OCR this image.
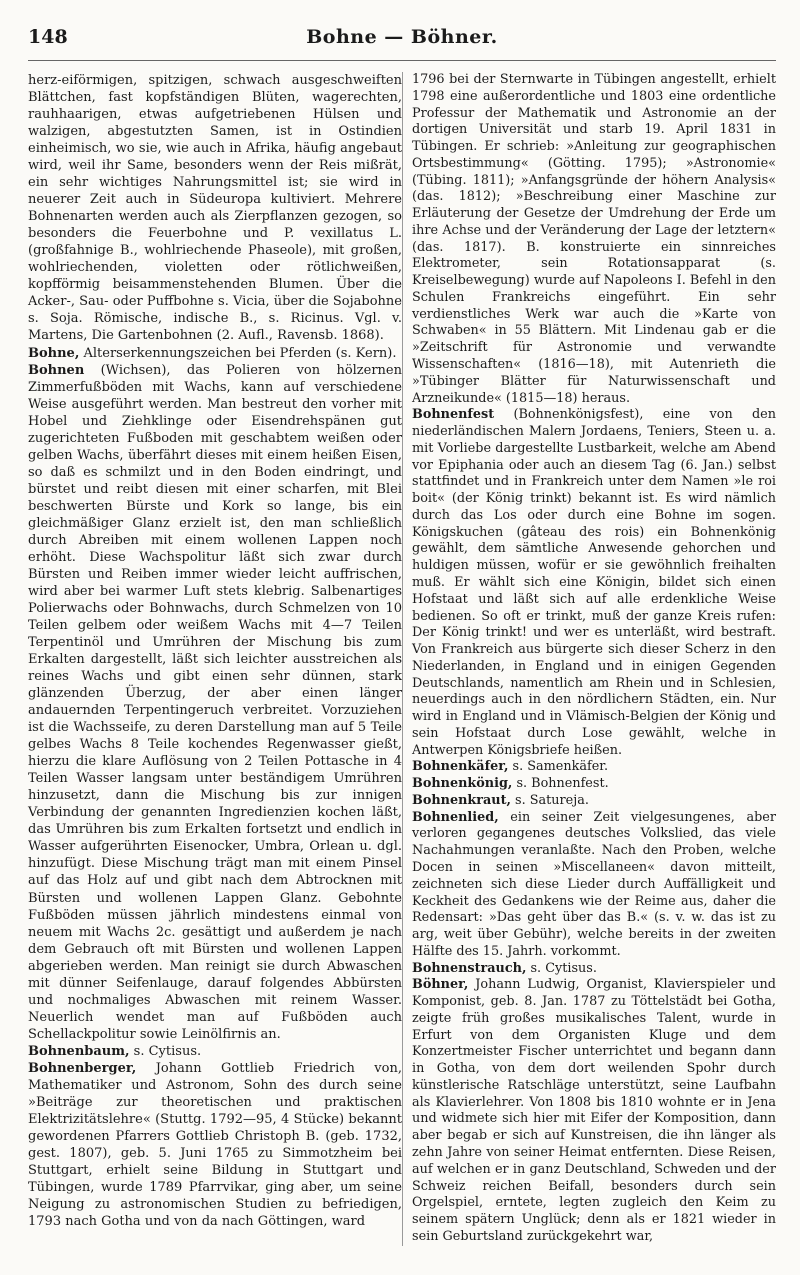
148	Bohne — Böhner.

herz-eiförmigen, spitzigen, schwach ausgeschweiften Blättchen, fast kopfständigen Blüten, wagerechten, rauhhaarigen, etwas aufgetriebenen Hülsen und walzigen, abgestutzten Samen, ist in Ostindien einheimisch, wo sie, wie auch in Afrika, häufig angebaut wird, weil ihr Same, besonders wenn der Reis mißrät, ein sehr wichtiges Nahrungsmittel ist; sie wird in neuerer Zeit auch in Südeuropa kultiviert. Mehrere Bohnenarten werden auch als Zierpflanzen gezogen, so besonders die Feuerbohne und P. vexillatus L. (großfahnige B., wohlriechende Phaseole), mit großen, wohlriechenden, violetten oder rötlichweißen, kopfförmig beisammenstehenden Blumen. Über die Acker-, Sau- oder Puffbohne s. Vicia, über die Sojabohne s. Soja. Römische, indische B., s. Ricinus. Vgl. v. Martens, Die Gartenbohnen (2. Aufl., Ravensb. 1868).

Bohne, Alterserkennungszeichen bei Pferden (s. Kern).

Bohnen (Wichsen), das Polieren von hölzernen Zimmerfußböden mit Wachs, kann auf verschiedene Weise ausgeführt werden. Man bestreut den vorher mit Hobel und Ziehklinge oder Eisendrehspänen gut zugerichteten Fußboden mit geschabtem weißen oder gelben Wachs, überfährt dieses mit einem heißen Eisen, so daß es schmilzt und in den Boden eindringt, und bürstet und reibt diesen mit einer scharfen, mit Blei beschwerten Bürste und Kork so lange, bis ein gleichmäßiger Glanz erzielt ist, den man schließlich durch Abreiben mit einem wollenen Lappen noch erhöht. Diese Wachspolitur läßt sich zwar durch Bürsten und Reiben immer wieder leicht auffrischen, wird aber bei warmer Luft stets klebrig. Salbenartiges Polierwachs oder Bohnwachs, durch Schmelzen von 10 Teilen gelbem oder weißem Wachs mit 4—7 Teilen Terpentinöl und Umrühren der Mischung bis zum Erkalten dargestellt, läßt sich leichter ausstreichen als reines Wachs und gibt einen sehr dünnen, stark glänzenden Überzug, der aber einen länger andauernden Terpentingeruch verbreitet. Vorzuziehen ist die Wachsseife, zu deren Darstellung man auf 5 Teile gelbes Wachs 8 Teile kochendes Regenwasser gießt, hierzu die klare Auflösung von 2 Teilen Pottasche in 4 Teilen Wasser langsam unter beständigem Umrühren hinzusetzt, dann die Mischung bis zur innigen Verbindung der genannten Ingredienzien kochen läßt, das Umrühren bis zum Erkalten fortsetzt und endlich in Wasser aufgerührten Eisenocker, Umbra, Orlean u. dgl. hinzufügt. Diese Mischung trägt man mit einem Pinsel auf das Holz auf und gibt nach dem Abtrocknen mit Bürsten und wollenen Lappen Glanz. Gebohnte Fußböden müssen jährlich mindestens einmal von neuem mit Wachs 2c. gesättigt und außerdem je nach dem Gebrauch oft mit Bürsten und wollenen Lappen abgerieben werden. Man reinigt sie durch Abwaschen mit dünner Seifenlauge, darauf folgendes Abbürsten und nochmaliges Abwaschen mit reinem Wasser. Neuerlich wendet man auf Fußböden auch Schellackpolitur sowie Leinölfirnis an.

Bohnenbaum, s. Cytisus.

Bohnenberger, Johann Gottlieb Friedrich von, Mathematiker und Astronom, Sohn des durch seine »Beiträge zur theoretischen und praktischen Elektrizitätslehre« (Stuttg. 1792—95, 4 Stücke) bekannt gewordenen Pfarrers Gottlieb Christoph B. (geb. 1732, gest. 1807), geb. 5. Juni 1765 zu Simmotzheim bei Stuttgart, erhielt seine Bildung in Stuttgart und Tübingen, wurde 1789 Pfarrvikar, ging aber, um seine Neigung zu astronomischen Studien zu befriedigen, 1793 nach Gotha und von da nach Göttingen, ward

1796 bei der Sternwarte in Tübingen angestellt, erhielt 1798 eine außerordentliche und 1803 eine ordentliche Professur der Mathematik und Astronomie an der dortigen Universität und starb 19. April 1831 in Tübingen. Er schrieb: »Anleitung zur geographischen Ortsbestimmung« (Götting. 1795); »Astronomie« (Tübing. 1811); »Anfangsgründe der höhern Analysis« (das. 1812); »Beschreibung einer Maschine zur Erläuterung der Gesetze der Umdrehung der Erde um ihre Achse und der Veränderung der Lage der letztern« (das. 1817). B. konstruierte ein sinnreiches Elektrometer, sein Rotationsapparat (s. Kreiselbewegung) wurde auf Napoleons I. Befehl in den Schulen Frankreichs eingeführt. Ein sehr verdienstliches Werk war auch die »Karte von Schwaben« in 55 Blättern. Mit Lindenau gab er die »Zeitschrift für Astronomie und verwandte Wissenschaften« (1816—18), mit Autenrieth die »Tübinger Blätter für Naturwissenschaft und Arzneikunde« (1815—18) heraus.

Bohnenfest (Bohnenkönigsfest), eine von den niederländischen Malern Jordaens, Teniers, Steen u. a. mit Vorliebe dargestellte Lustbarkeit, welche am Abend vor Epiphania oder auch an diesem Tag (6. Jan.) selbst stattfindet und in Frankreich unter dem Namen »le roi boit« (der König trinkt) bekannt ist. Es wird nämlich durch das Los oder durch eine Bohne im sogen. Königskuchen (gâteau des rois) ein Bohnenkönig gewählt, dem sämtliche Anwesende gehorchen und huldigen müssen, wofür er sie gewöhnlich freihalten muß. Er wählt sich eine Königin, bildet sich einen Hofstaat und läßt sich auf alle erdenkliche Weise bedienen. So oft er trinkt, muß der ganze Kreis rufen: Der König trinkt! und wer es unterläßt, wird bestraft. Von Frankreich aus bürgerte sich dieser Scherz in den Niederlanden, in England und in einigen Gegenden Deutschlands, namentlich am Rhein und in Schlesien, neuerdings auch in den nördlichern Städten, ein. Nur wird in England und in Vlämisch-Belgien der König und sein Hofstaat durch Lose gewählt, welche in Antwerpen Königsbriefe heißen.

Bohnenkäfer, s. Samenkäfer.

Bohnenkönig, s. Bohnenfest.

Bohnenkraut, s. Satureja.

Bohnenlied, ein seiner Zeit vielgesungenes, aber verloren gegangenes deutsches Volkslied, das viele Nachahmungen veranlaßte. Nach den Proben, welche Docen in seinen »Miscellaneen« davon mitteilt, zeichneten sich diese Lieder durch Auffälligkeit und Keckheit des Gedankens wie der Reime aus, daher die Redensart: »Das geht über das B.« (s. v. w. das ist zu arg, weit über Gebühr), welche bereits in der zweiten Hälfte des 15. Jahrh. vorkommt.

Bohnenstrauch, s. Cytisus.

Böhner, Johann Ludwig, Organist, Klavierspieler und Komponist, geb. 8. Jan. 1787 zu Töttelstädt bei Gotha, zeigte früh großes musikalisches Talent, wurde in Erfurt von dem Organisten Kluge und dem Konzertmeister Fischer unterrichtet und begann dann in Gotha, von dem dort weilenden Spohr durch künstlerische Ratschläge unterstützt, seine Laufbahn als Klavierlehrer. Von 1808 bis 1810 wohnte er in Jena und widmete sich hier mit Eifer der Komposition, dann aber begab er sich auf Kunstreisen, die ihn länger als zehn Jahre von seiner Heimat entfernten. Diese Reisen, auf welchen er in ganz Deutschland, Schweden und der Schweiz reichen Beifall, besonders durch sein Orgelspiel, erntete, legten zugleich den Keim zu seinem spätern Unglück; denn als er 1821 wieder in sein Geburtsland zurückgekehrt war,
